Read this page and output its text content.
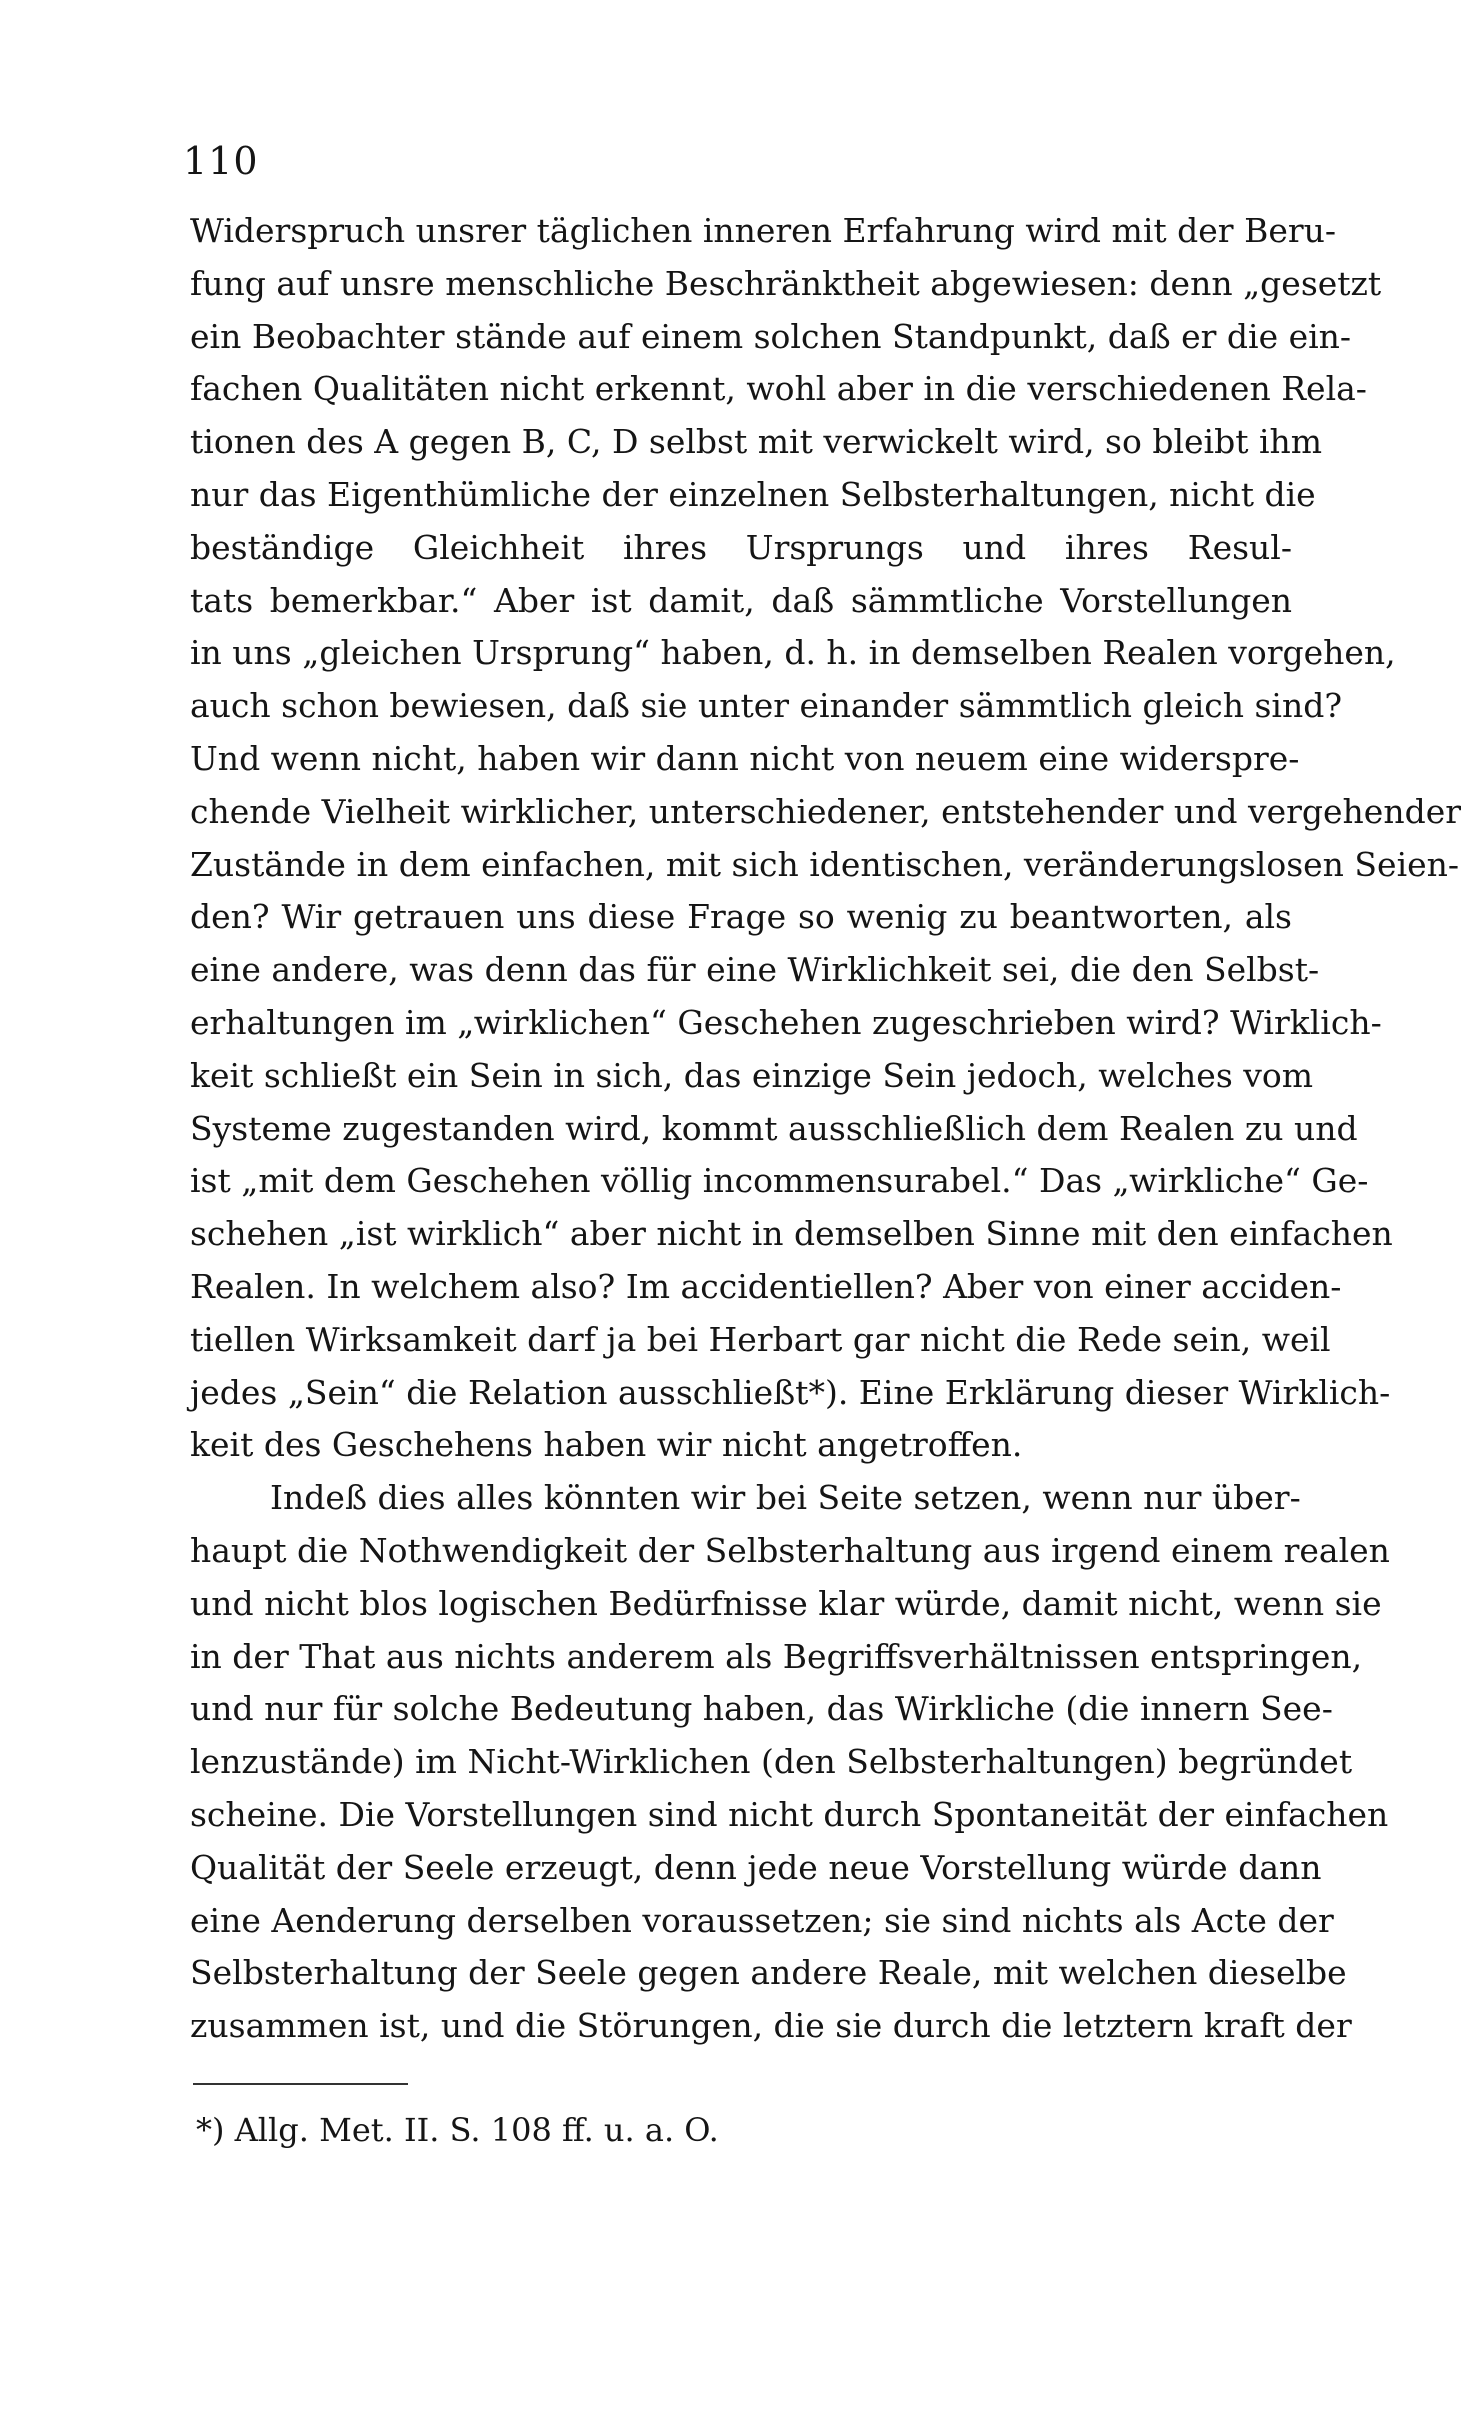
110
Widerspruch unsrer täglichen inneren Erfahrung wird mit der Beru-
fung auf unsre menschliche Beschränktheit abgewiesen: denn „gesetzt
ein Beobachter stände auf einem solchen Standpunkt, daß er die ein-
fachen Qualitäten nicht erkennt, wohl aber in die verschiedenen Rela-
tionen des A gegen B, C, D selbst mit verwickelt wird, so bleibt ihm
nur das Eigenthümliche der einzelnen Selbsterhaltungen, nicht die
beständige Gleichheit ihres Ursprungs und ihres Resul-
tats bemerkbar.“ Aber ist damit, daß sämmtliche Vorstellungen
in uns „gleichen Ursprung“ haben, d. h. in demselben Realen vorgehen,
auch schon bewiesen, daß sie unter einander sämmtlich gleich sind?
Und wenn nicht, haben wir dann nicht von neuem eine widerspre-
chende Vielheit wirklicher, unterschiedener, entstehender und vergehender
Zustände in dem einfachen, mit sich identischen, veränderungslosen Seien-
den? Wir getrauen uns diese Frage so wenig zu beantworten, als
eine andere, was denn das für eine Wirklichkeit sei, die den Selbst-
erhaltungen im „wirklichen“ Geschehen zugeschrieben wird? Wirklich-
keit schließt ein Sein in sich, das einzige Sein jedoch, welches vom
Systeme zugestanden wird, kommt ausschließlich dem Realen zu und
ist „mit dem Geschehen völlig incommensurabel.“ Das „wirkliche“ Ge-
schehen „ist wirklich“ aber nicht in demselben Sinne mit den einfachen
Realen. In welchem also? Im accidentiellen? Aber von einer acciden-
tiellen Wirksamkeit darf ja bei Herbart gar nicht die Rede sein, weil
jedes „Sein“ die Relation ausschließt*). Eine Erklärung dieser Wirklich-
keit des Geschehens haben wir nicht angetroffen.
Indeß dies alles könnten wir bei Seite setzen, wenn nur über-
haupt die Nothwendigkeit der Selbsterhaltung aus irgend einem realen
und nicht blos logischen Bedürfnisse klar würde, damit nicht, wenn sie
in der That aus nichts anderem als Begriffsverhältnissen entspringen,
und nur für solche Bedeutung haben, das Wirkliche (die innern See-
lenzustände) im Nicht-Wirklichen (den Selbsterhaltungen) begründet
scheine. Die Vorstellungen sind nicht durch Spontaneität der einfachen
Qualität der Seele erzeugt, denn jede neue Vorstellung würde dann
eine Aenderung derselben voraussetzen; sie sind nichts als Acte der
Selbsterhaltung der Seele gegen andere Reale, mit welchen dieselbe
zusammen ist, und die Störungen, die sie durch die letztern kraft der
*) Allg. Met. II. S. 108 ff. u. a. O.
